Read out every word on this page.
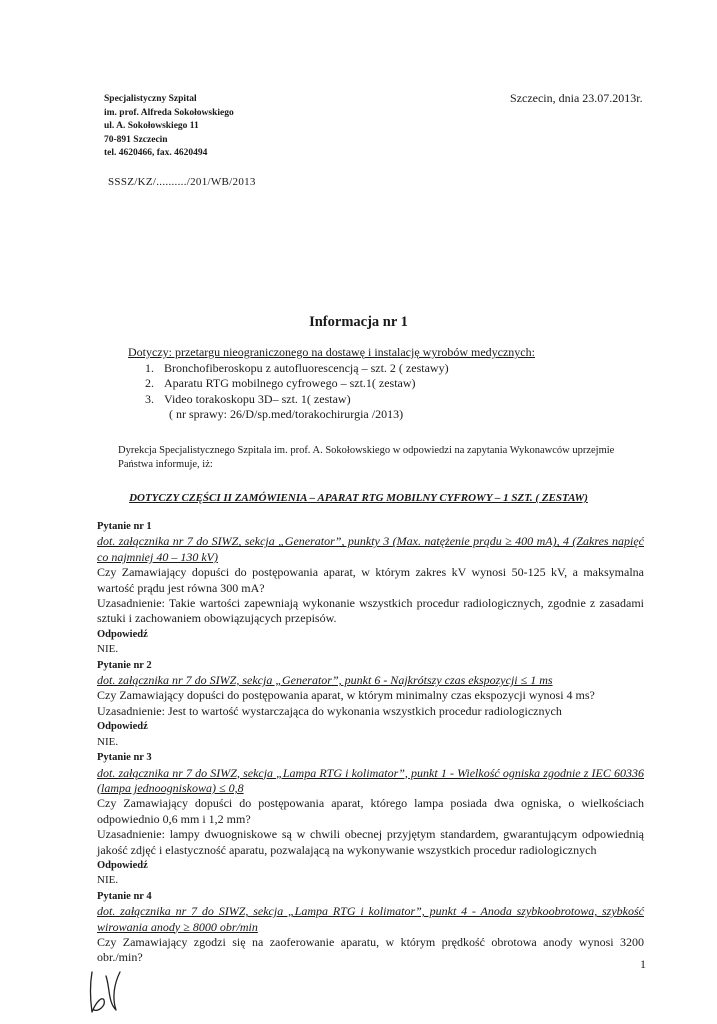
Specjalistyczny Szpital
im. prof. Alfreda Sokołowskiego
ul. A. Sokołowskiego 11
70-891 Szczecin
tel. 4620466, fax. 4620494
Szczecin, dnia 23.07.2013r.
SSSZ/KZ/........../201/WB/2013
Informacja nr 1
Dotyczy: przetargu nieograniczonego na dostawę i instalację wyrobów medycznych:
1. Bronchofiberoskopu z autofluorescencją – szt. 2 ( zestawy)
2. Aparatu RTG mobilnego cyfrowego – szt.1( zestaw)
3. Video torakoskopu 3D– szt. 1( zestaw)
( nr sprawy: 26/D/sp.med/torakochirurgia /2013)

Dyrekcja Specjalistycznego Szpitala im. prof. A. Sokołowskiego w odpowiedzi na zapytania Wykonawców uprzejmie Państwa informuje, iż:

DOTYCZY CZĘŚCI II ZAMÓWIENIA – APARAT RTG MOBILNY CYFROWY – 1 SZT. ( ZESTAW)
Pytanie nr 1
dot. załącznika nr 7 do SIWZ, sekcja „Generator”, punkty 3 (Max. natężenie prądu ≥ 400 mA), 4 (Zakres napięć co najmniej 40 – 130 kV)
Czy Zamawiający dopuści do postępowania aparat, w którym zakres kV wynosi 50-125 kV, a maksymalna wartość prądu jest równa 300 mA?
Uzasadnienie: Takie wartości zapewniają wykonanie wszystkich procedur radiologicznych, zgodnie z zasadami sztuki i zachowaniem obowiązujących przepisów.
Odpowiedź
NIE.
Pytanie nr 2
dot. załącznika nr 7 do SIWZ, sekcja „Generator”, punkt 6 - Najkrótszy czas ekspozycji ≤ 1 ms
Czy Zamawiający dopuści do postępowania aparat, w którym minimalny czas ekspozycji wynosi 4 ms?
Uzasadnienie: Jest to wartość wystarczająca do wykonania wszystkich procedur radiologicznych
Odpowiedź
NIE.
Pytanie nr 3
dot. załącznika nr 7 do SIWZ, sekcja „Lampa RTG i kolimator”, punkt 1 - Wielkość ogniska zgodnie z IEC 60336 (lampa jednoogniskowa) ≤ 0,8
Czy Zamawiający dopuści do postępowania aparat, którego lampa posiada dwa ogniska, o wielkościach odpowiednio 0,6 mm i 1,2 mm?
Uzasadnienie: lampy dwuogniskowe są w chwili obecnej przyjętym standardem, gwarantującym odpowiednią jakość zdjęć i elastyczność aparatu, pozwalającą na wykonywanie wszystkich procedur radiologicznych
Odpowiedź
NIE.
Pytanie nr 4
dot. załącznika nr 7 do SIWZ, sekcja „Lampa RTG i kolimator”, punkt 4 - Anoda szybkoobrotowa, szybkość wirowania anody ≥ 8000 obr/min
Czy Zamawiający zgodzi się na zaoferowanie aparatu, w którym prędkość obrotowa anody wynosi 3200 obr./min?	1
